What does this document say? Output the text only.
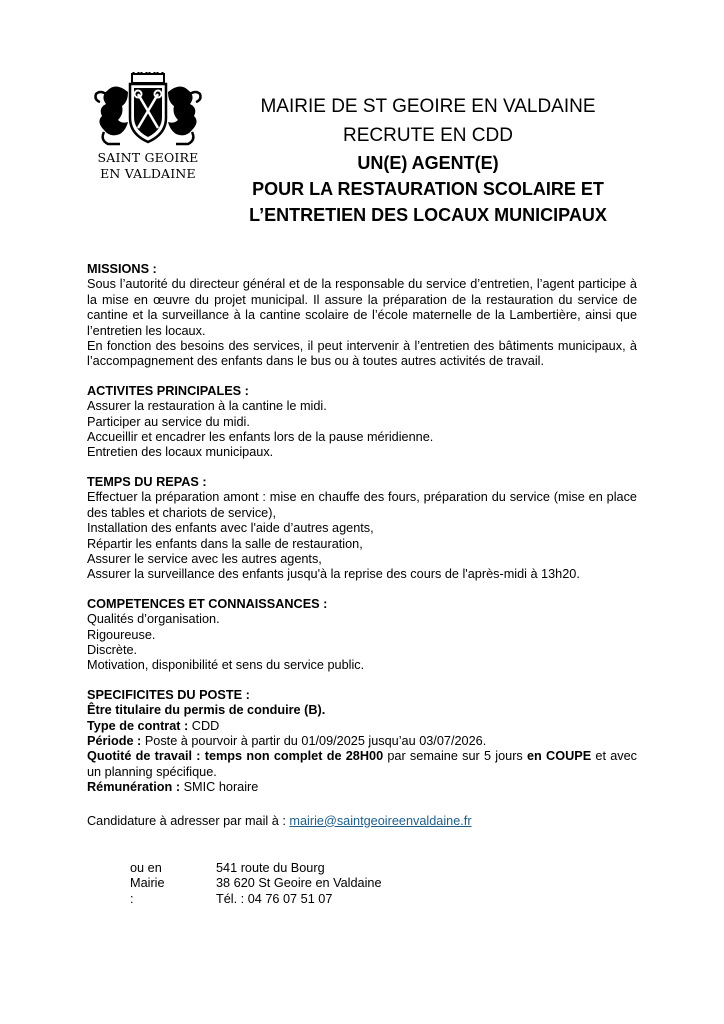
SAINT GEOIRE
EN VALDAINE
MAIRIE DE ST GEOIRE EN VALDAINE
RECRUTE EN CDD
UN(E) AGENT(E)
POUR LA RESTAURATION SCOLAIRE ET
L’ENTRETIEN DES LOCAUX MUNICIPAUX
MISSIONS :
Sous l’autorité du directeur général et de la responsable du service d’entretien, l’agent participe à la mise en œuvre du projet municipal. Il assure la préparation de la restauration du service de cantine et la surveillance à la cantine scolaire de l’école maternelle de la Lambertière, ainsi que l’entretien les locaux.
En fonction des besoins des services, il peut intervenir à l’entretien des bâtiments municipaux, à l’accompagnement des enfants dans le bus ou à toutes autres activités de travail.
ACTIVITES PRINCIPALES :
Assurer la restauration à la cantine le midi.
Participer au service du midi.
Accueillir et encadrer les enfants lors de la pause méridienne.
Entretien des locaux municipaux.
TEMPS DU REPAS :
Effectuer la préparation amont : mise en chauffe des fours, préparation du service (mise en place des tables et chariots de service),
Installation des enfants avec l'aide d’autres agents,
Répartir les enfants dans la salle de restauration,
Assurer le service avec les autres agents,
Assurer la surveillance des enfants jusqu'à la reprise des cours de l'après-midi à 13h20.
COMPETENCES ET CONNAISSANCES :
Qualités d’organisation.
Rigoureuse.
Discrète.
Motivation, disponibilité et sens du service public.
SPECIFICITES DU POSTE :
Être titulaire du permis de conduire (B).
Type de contrat : CDD
Période : Poste à pourvoir à partir du 01/09/2025 jusqu’au 03/07/2026.
Quotité de travail : temps non complet de 28H00 par semaine sur 5 jours en COUPE et avec un planning spécifique.
Rémunération : SMIC horaire
Candidature à adresser par mail à : mairie@saintgeoireenvaldaine.fr
ou en Mairie :
541 route du Bourg
38 620 St Geoire en Valdaine
Tél. : 04 76 07 51 07
